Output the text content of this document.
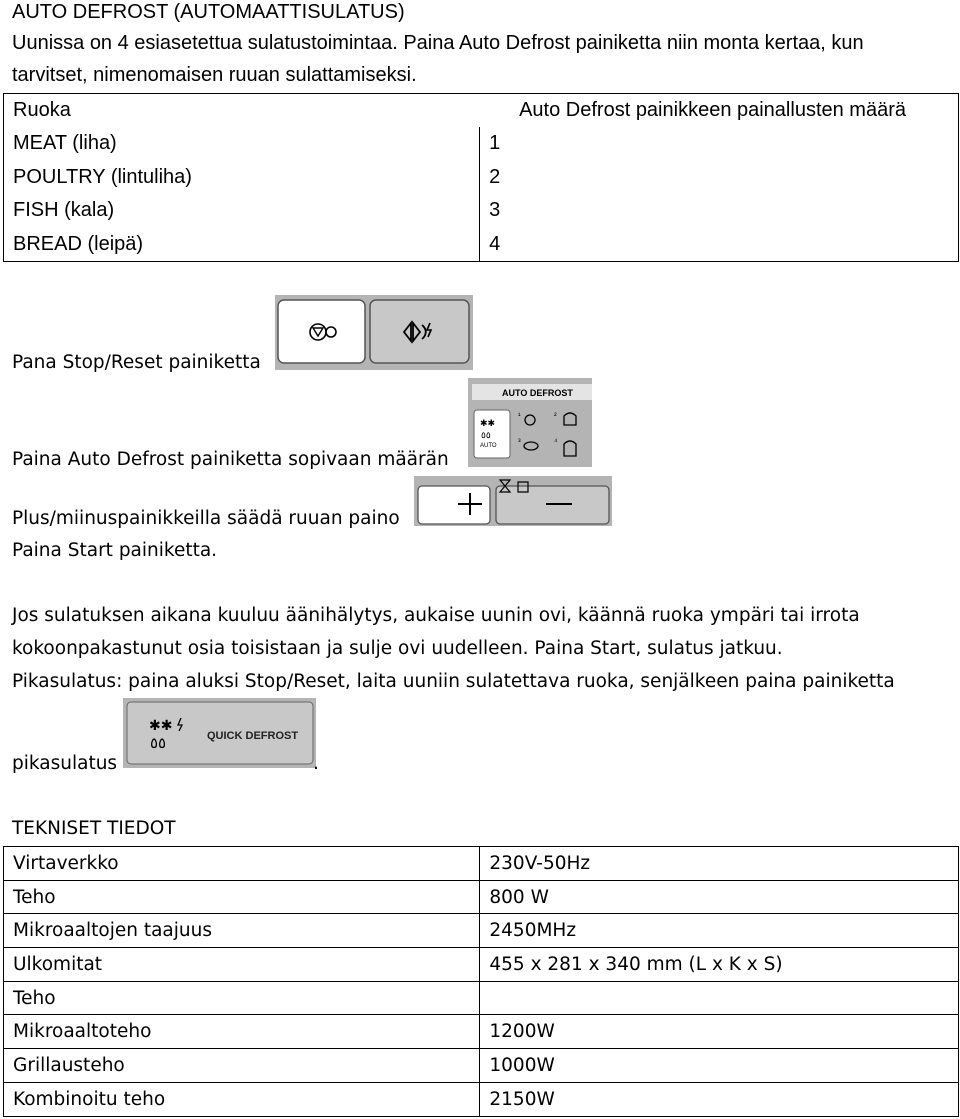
AUTO DEFROST (AUTOMAATTISULATUS)
Uunissa on 4 esiasetettua sulatustoimintaa. Paina Auto Defrost painiketta niin monta kertaa, kun
tarvitset, nimenomaisen ruuan sulattamiseksi.
Ruoka	Auto Defrost painikkeen painallusten määrä
MEAT (liha)	1
POULTRY (lintuliha)	2
FISH (kala)	3
BREAD (leipä)	4
Pana Stop/Reset painiketta
AUTO DEFROST
✱✱
٥٥
AUTO
¹	²
³	⁴
Paina Auto Defrost painiketta sopivaan määrän
Plus/miinuspainikkeilla säädä ruuan paino
Paina Start painiketta.
Jos sulatuksen aikana kuuluu äänihälytys, aukaise uunin ovi, käännä ruoka ympäri tai irrota
kokoonpakastunut osia toisistaan ja sulje ovi uudelleen. Paina Start, sulatus jatkuu.
Pikasulatus: paina aluksi Stop/Reset, laita uuniin sulatettava ruoka, senjälkeen paina painiketta
✱✱
٥٥	QUICK DEFROST
pikasulatus	.
TEKNISET TIEDOT
Virtaverkko	230V-50Hz
Teho	800 W
Mikroaaltojen taajuus	2450MHz
Ulkomitat	455 x 281 x 340 mm (L x K x S)
Teho	
Mikroaaltoteho	1200W
Grillausteho	1000W
Kombinoitu teho	2150W
